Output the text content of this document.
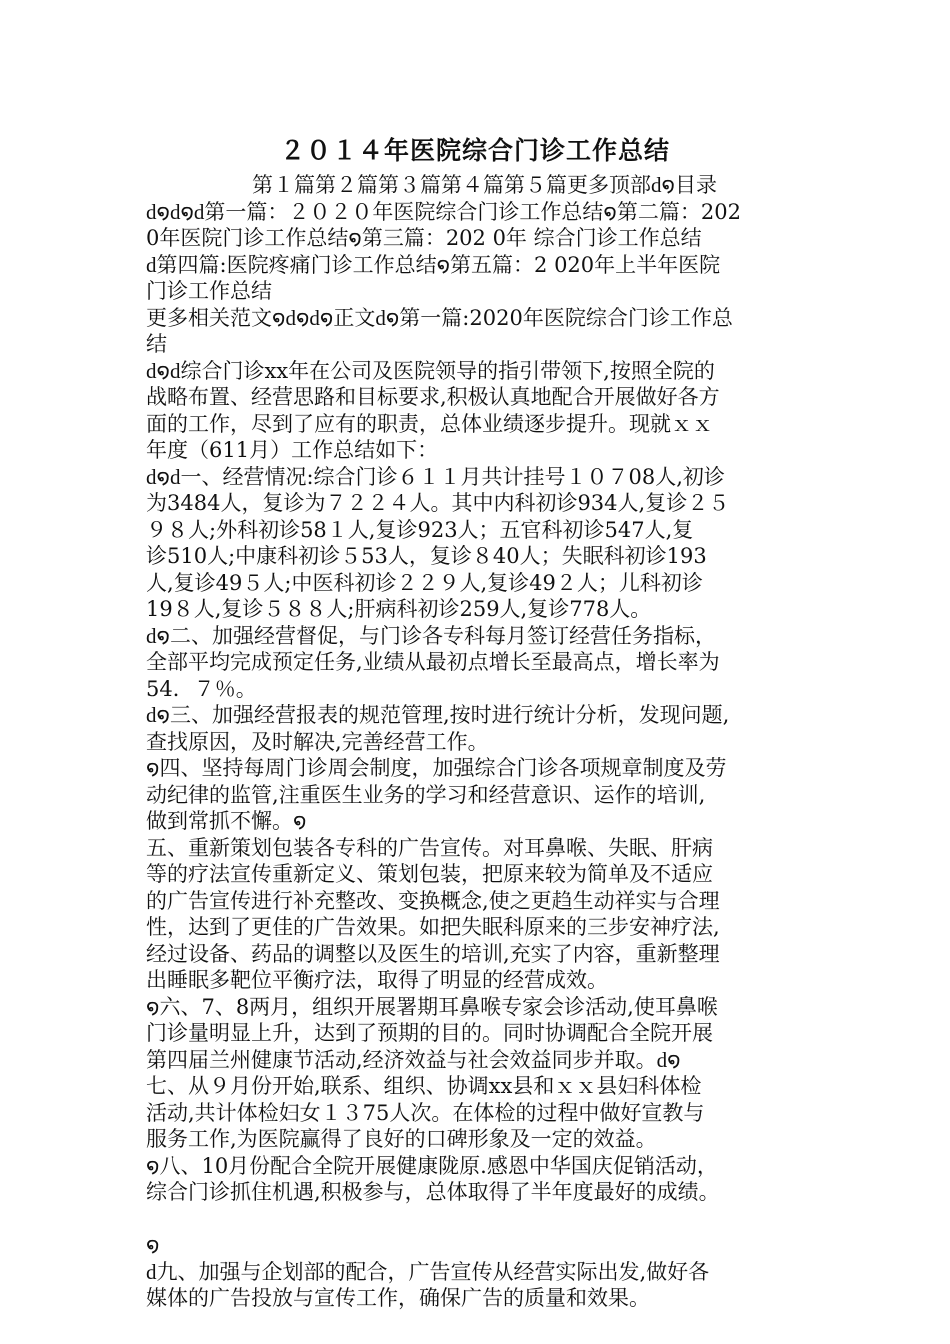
２０１４年医院综合门诊工作总结
第１篇第２篇第３篇第４篇第５篇更多顶部ԁ໑目录
ԁ໑ԁ໑ԁ第一篇：２０２０年医院综合门诊工作总结໑第二篇：202
0年医院门诊工作总结໑第三篇：202 0年 综合门诊工作总结
ԁ第四篇:医院疼痛门诊工作总结໑第五篇：2 020年上半年医院
门诊工作总结
更多相关范文໑ԁ໑ԁ໑正文ԁ໑第一篇:2020年医院综合门诊工作总
结
ԁ໑ԁ综合门诊xx年在公司及医院领导的指引带领下,按照全院的
战略布置、经营思路和目标要求,积极认真地配合开展做好各方
面的工作，尽到了应有的职责，总体业绩逐步提升。现就ｘｘ
年度（611月）工作总结如下：
ԁ໑ԁ一、经营情况:综合门诊６１１月共计挂号１０７08人,初诊
为3484人，复诊为７２２４人。其中内科初诊934人,复诊２５
９８人;外科初诊58１人,复诊923人；五官科初诊547人,复
诊510人;中康科初诊５53人，复诊８40人；失眠科初诊193
人,复诊49５人;中医科初诊２２９人,复诊49２人；儿科初诊
19８人,复诊５８８人;肝病科初诊259人,复诊778人。
ԁ໑二、加强经营督促，与门诊各专科每月签订经营任务指标，
全部平均完成预定任务,业绩从最初点增长至最高点，增长率为
54．７％。
ԁ໑三、加强经营报表的规范管理,按时进行统计分析，发现问题,
查找原因，及时解决,完善经营工作。
໑四、坚持每周门诊周会制度，加强综合门诊各项规章制度及劳
动纪律的监管,注重医生业务的学习和经营意识、运作的培训,
做到常抓不懈。໑
五、重新策划包装各专科的广告宣传。对耳鼻喉、失眠、肝病
等的疗法宣传重新定义、策划包装，把原来较为简单及不适应
的广告宣传进行补充整改、变换概念,使之更趋生动祥实与合理
性，达到了更佳的广告效果。如把失眠科原来的三步安神疗法,
经过设备、药品的调整以及医生的培训,充实了内容，重新整理
出睡眠多靶位平衡疗法，取得了明显的经营成效。
໑六、7、8两月，组织开展署期耳鼻喉专家会诊活动,使耳鼻喉
门诊量明显上升，达到了预期的目的。同时协调配合全院开展
第四届兰州健康节活动,经济效益与社会效益同步并取。ԁ໑
七、从９月份开始,联系、组织、协调xx县和ｘｘ县妇科体检
活动,共计体检妇女１３75人次。在体检的过程中做好宣教与
服务工作,为医院赢得了良好的口碑形象及一定的效益。
໑八、10月份配合全院开展健康陇原.感恩中华国庆促销活动，
综合门诊抓住机遇,积极参与，总体取得了半年度最好的成绩。
໑
ԁ九、加强与企划部的配合，广告宣传从经营实际出发,做好各
媒体的广告投放与宣传工作，确保广告的质量和效果。
